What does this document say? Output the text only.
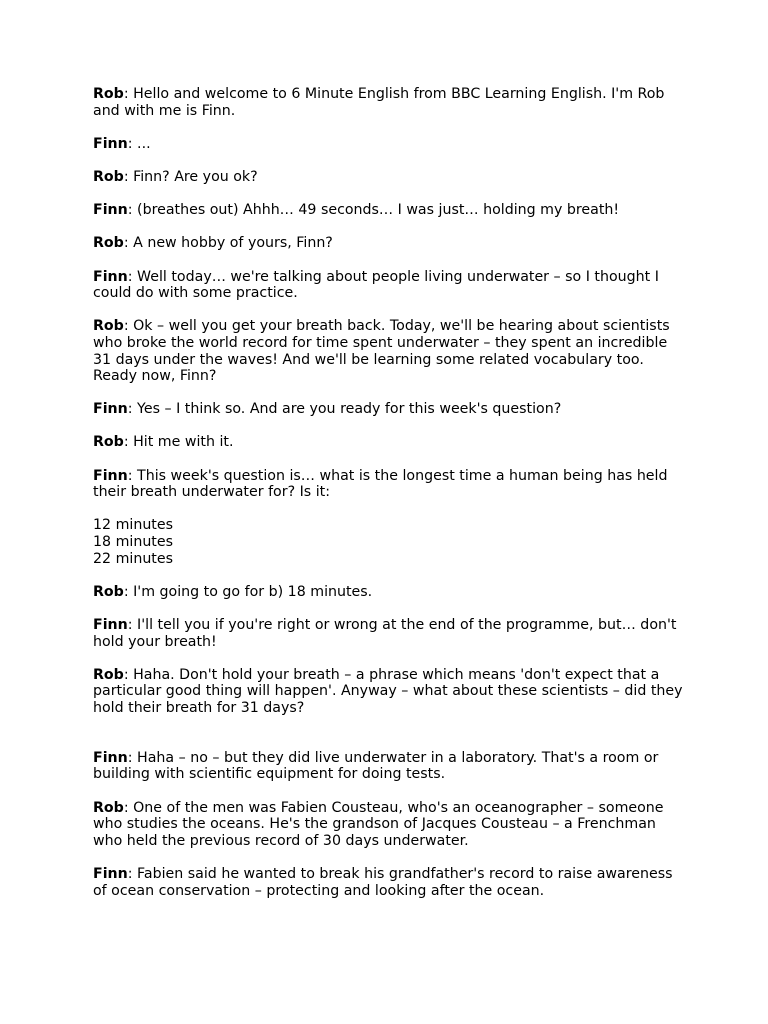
Rob: Hello and welcome to 6 Minute English from BBC Learning English. I'm Rob and with me is Finn.

Finn: ...

Rob: Finn? Are you ok?

Finn: (breathes out) Ahhh… 49 seconds… I was just… holding my breath!

Rob: A new hobby of yours, Finn?

Finn: Well today… we're talking about people living underwater – so I thought I could do with some practice.

Rob: Ok – well you get your breath back. Today, we'll be hearing about scientists who broke the world record for time spent underwater – they spent an incredible 31 days under the waves! And we'll be learning some related vocabulary too. Ready now, Finn?

Finn: Yes – I think so. And are you ready for this week's question?

Rob: Hit me with it.

Finn: This week's question is… what is the longest time a human being has held their breath underwater for? Is it:

12 minutes
18 minutes
22 minutes

Rob: I'm going to go for b) 18 minutes.

Finn: I'll tell you if you're right or wrong at the end of the programme, but… don't hold your breath!

Rob: Haha. Don't hold your breath – a phrase which means 'don't expect that a particular good thing will happen'. Anyway – what about these scientists – did they hold their breath for 31 days?

Finn: Haha – no – but they did live underwater in a laboratory. That's a room or building with scientific equipment for doing tests.

Rob: One of the men was Fabien Cousteau, who's an oceanographer – someone who studies the oceans. He's the grandson of Jacques Cousteau – a Frenchman who held the previous record of 30 days underwater.

Finn: Fabien said he wanted to break his grandfather's record to raise awareness of ocean conservation – protecting and looking after the ocean.
